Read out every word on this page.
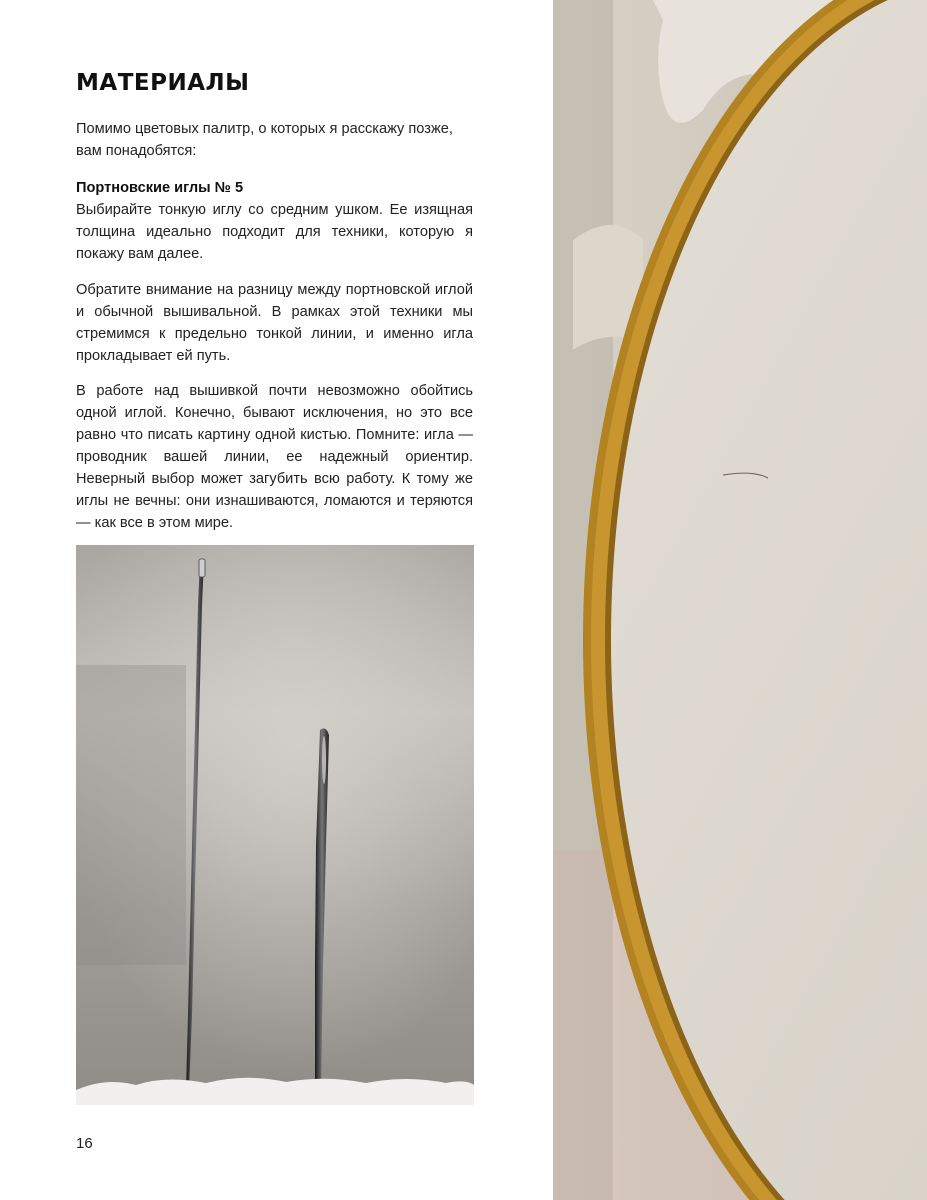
МАТЕРИАЛЫ

Помимо цветовых палитр, о которых я расскажу позже, вам понадобятся:

Портновские иглы № 5

Выбирайте тонкую иглу со средним ушком. Ее изящная толщина идеально подходит для техники, которую я покажу вам далее.

Обратите внимание на разницу между портновской иглой и обычной вышивальной. В рамках этой техники мы стремимся к предельно тонкой линии, и именно игла прокладывает ей путь.

В работе над вышивкой почти невозможно обойтись одной иглой. Конечно, бывают исключения, но это все равно что писать картину одной кистью. Помните: игла — проводник вашей линии, ее надежный ориентир. Неверный выбор может загубить всю работу. К тому же иглы не вечны: они изнашиваются, ломаются и теряются — как все в этом мире.

16
